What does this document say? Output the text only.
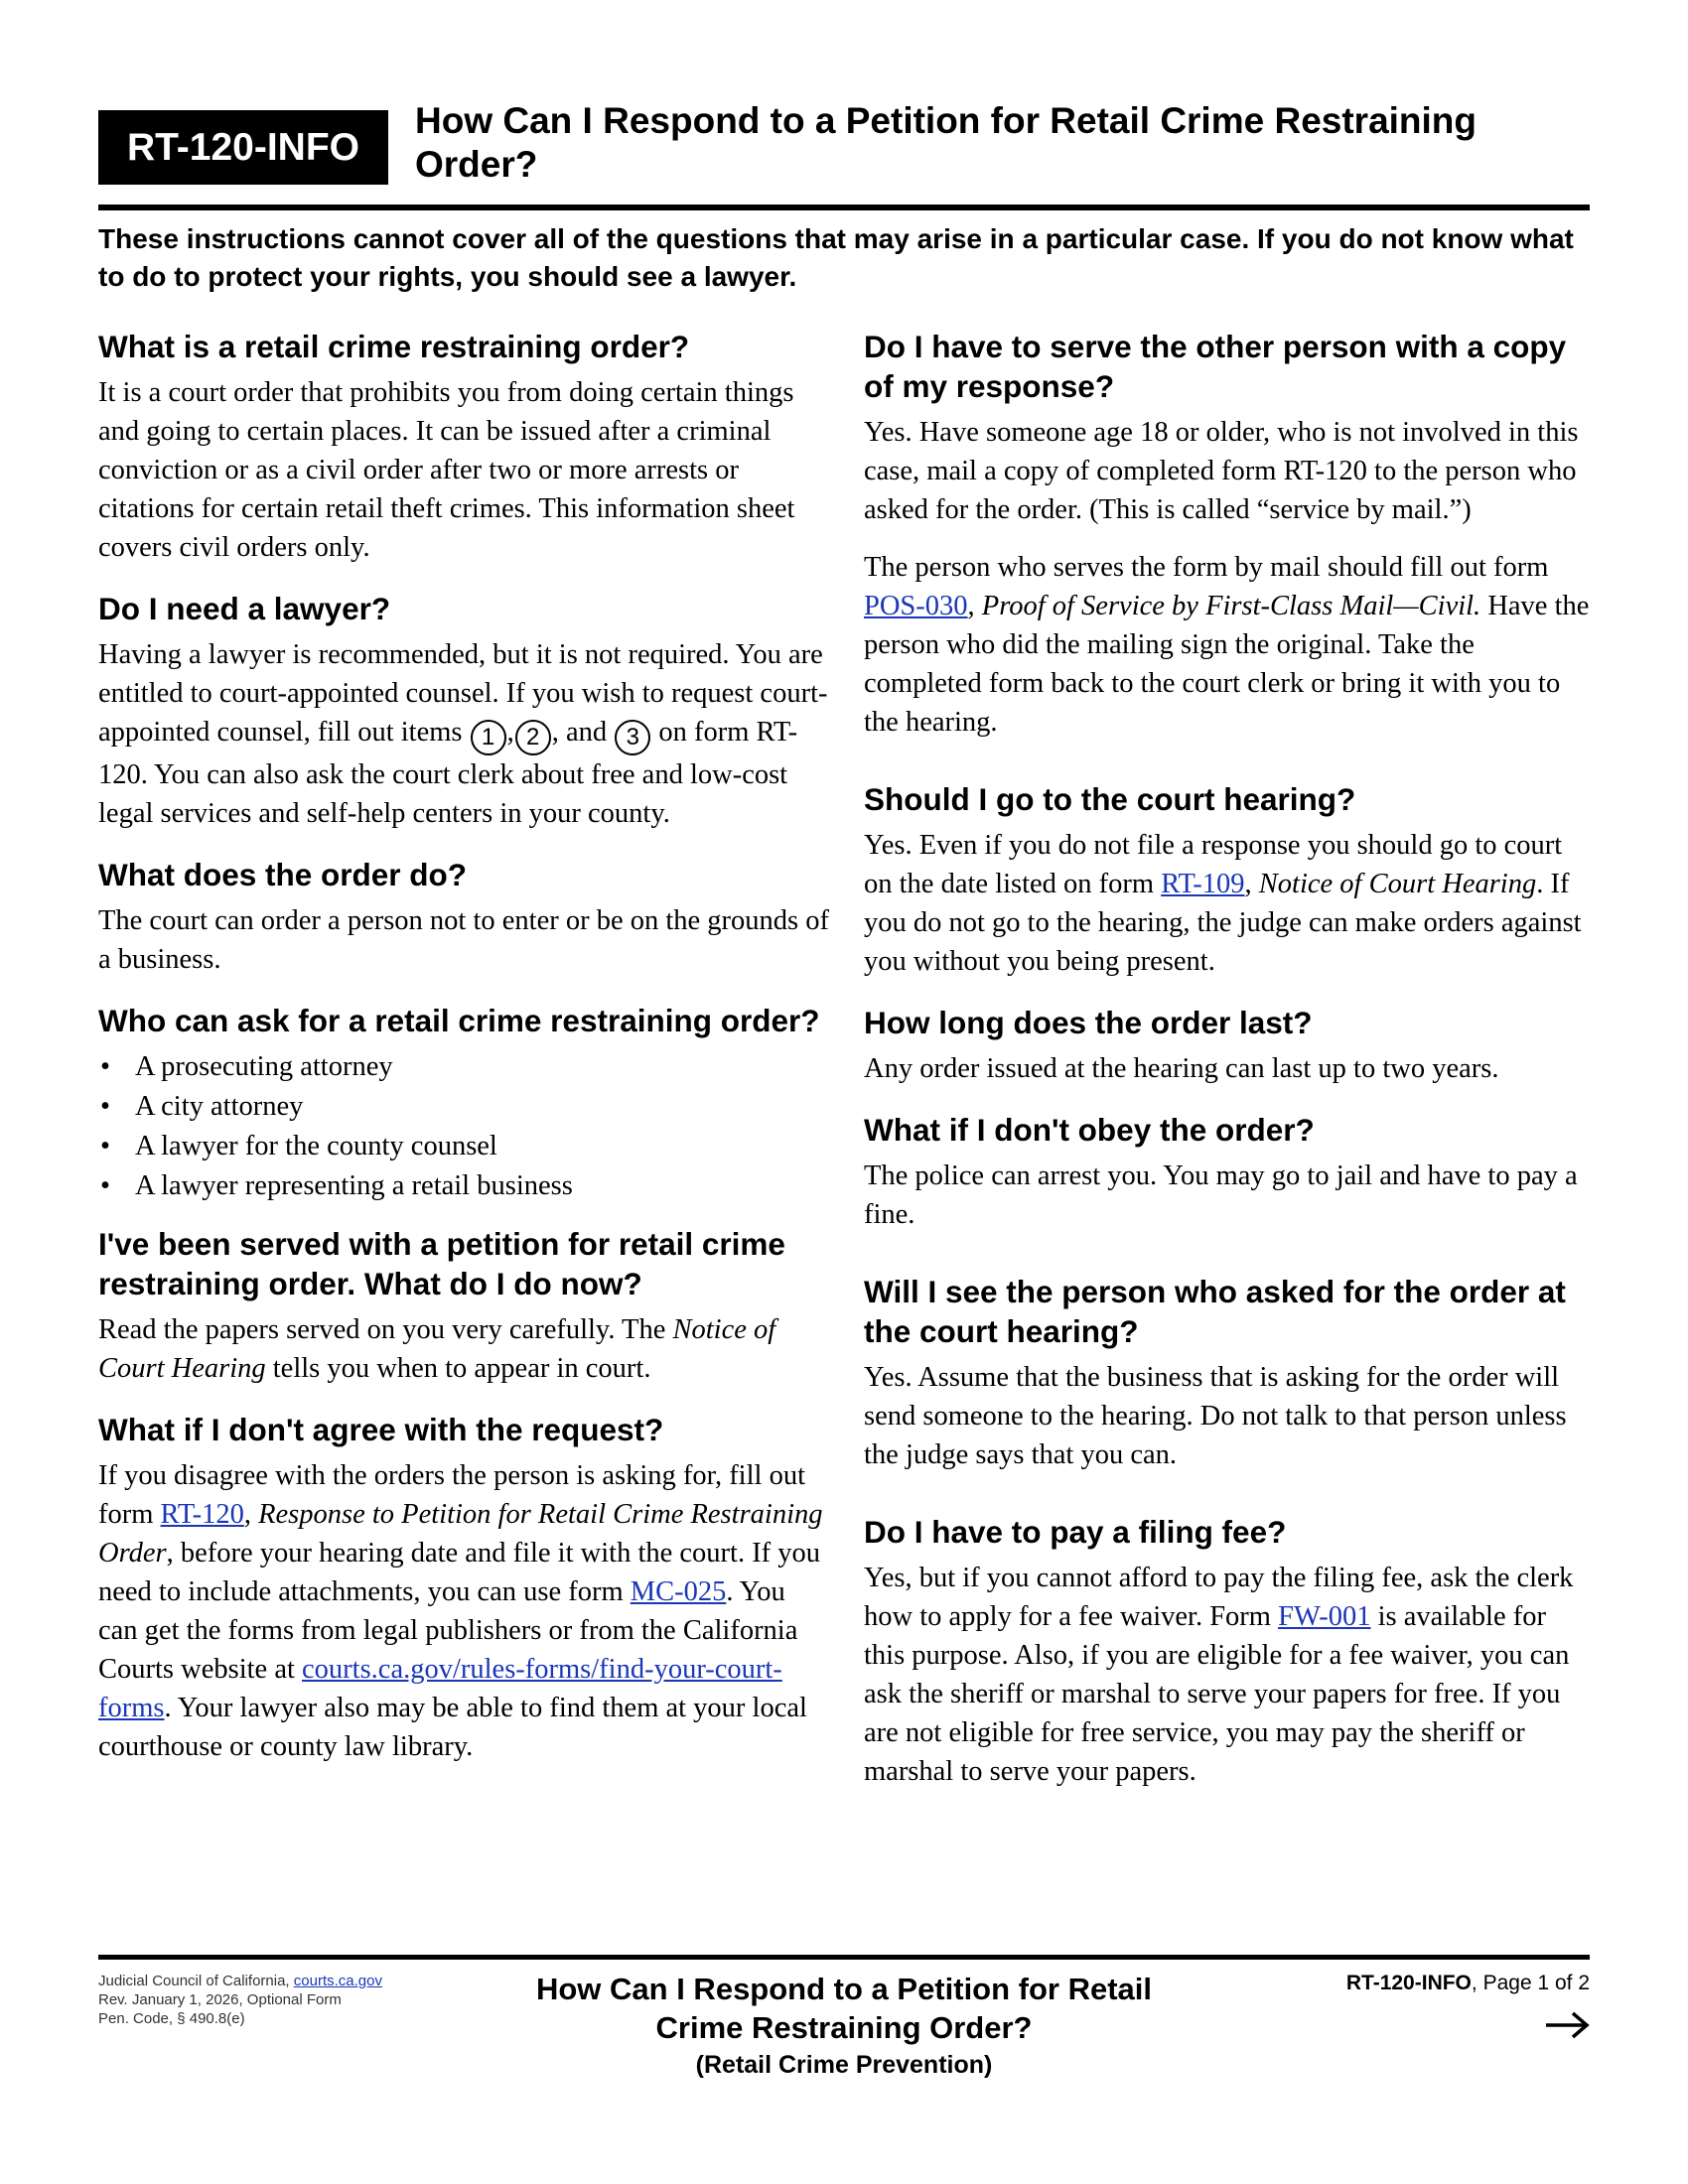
RT-120-INFO
How Can I Respond to a Petition for Retail Crime Restraining Order?
These instructions cannot cover all of the questions that may arise in a particular case. If you do not know what to do to protect your rights, you should see a lawyer.
What is a retail crime restraining order?

It is a court order that prohibits you from doing certain things and going to certain places. It can be issued after a criminal conviction or as a civil order after two or more arrests or citations for certain retail theft crimes. This information sheet covers civil orders only.

Do I need a lawyer?

Having a lawyer is recommended, but it is not required. You are entitled to court-appointed counsel. If you wish to request court-appointed counsel, fill out items 1 , 2 , and 3 on form RT-120. You can also ask the court clerk about free and low-cost legal services and self-help centers in your county.

What does the order do?

The court can order a person not to enter or be on the grounds of a business.

Who can ask for a retail crime restraining order?
• A prosecuting attorney
• A city attorney
• A lawyer for the county counsel
• A lawyer representing a retail business
I've been served with a petition for retail crime restraining order. What do I do now?

Read the papers served on you very carefully. The Notice of Court Hearing tells you when to appear in court.

What if I don't agree with the request?

If you disagree with the orders the person is asking for, fill out form RT-120, Response to Petition for Retail Crime Restraining Order, before your hearing date and file it with the court. If you need to include attachments, you can use form MC-025. You can get the forms from legal publishers or from the California Courts website at courts.ca.gov/rules-forms/find-your-court-forms. Your lawyer also may be able to find them at your local courthouse or county law library.

Do I have to serve the other person with a copy of my response?

Yes. Have someone age 18 or older, who is not involved in this case, mail a copy of completed form RT-120 to the person who asked for the order. (This is called “service by mail.”)

The person who serves the form by mail should fill out form POS-030, Proof of Service by First-Class Mail—Civil. Have the person who did the mailing sign the original. Take the completed form back to the court clerk or bring it with you to the hearing.

Should I go to the court hearing?

Yes. Even if you do not file a response you should go to court on the date listed on form RT-109, Notice of Court Hearing. If you do not go to the hearing, the judge can make orders against you without you being present.

How long does the order last?

Any order issued at the hearing can last up to two years.

What if I don't obey the order?

The police can arrest you. You may go to jail and have to pay a fine.

Will I see the person who asked for the order at the court hearing?

Yes. Assume that the business that is asking for the order will send someone to the hearing. Do not talk to that person unless the judge says that you can.

Do I have to pay a filing fee?

Yes, but if you cannot afford to pay the filing fee, ask the clerk how to apply for a fee waiver. Form FW-001 is available for this purpose. Also, if you are eligible for a fee waiver, you can ask the sheriff or marshal to serve your papers for free. If you are not eligible for free service, you may pay the sheriff or marshal to serve your papers.

Judicial Council of California, courts.ca.gov
Rev. January 1, 2026, Optional Form
Pen. Code, § 490.8(e)
How Can I Respond to a Petition for Retail
Crime Restraining Order?
(Retail Crime Prevention)
RT-120-INFO, Page 1 of 2
